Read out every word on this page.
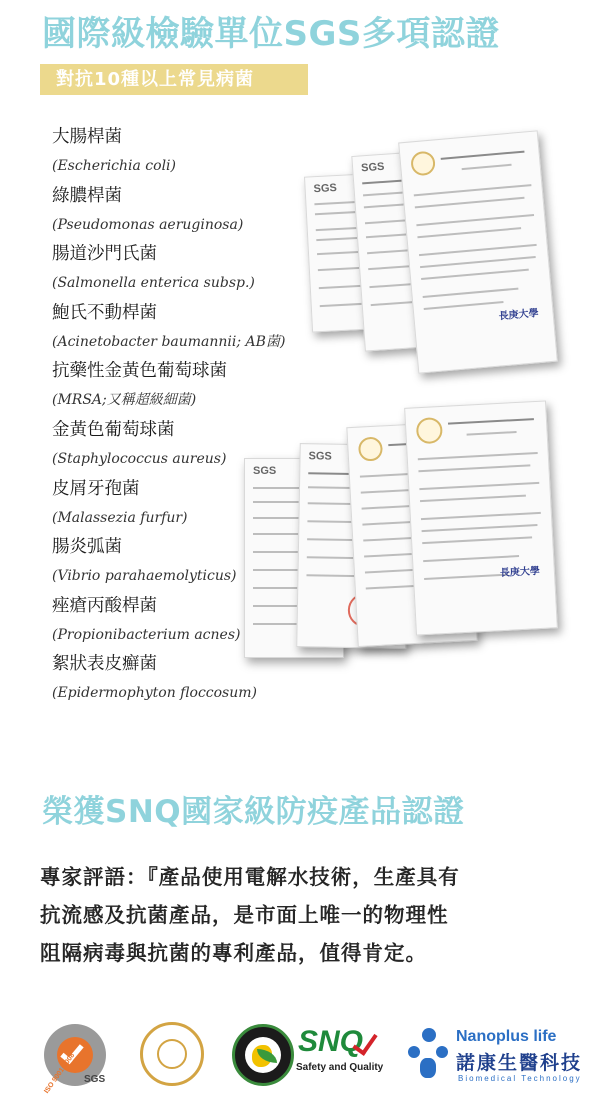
國際級檢驗單位SGS多項認證
對抗10種以上常見病菌
大腸桿菌
(Escherichia coli)
綠膿桿菌
(Pseudomonas aeruginosa)
腸道沙門氏菌
(Salmonella enterica subsp.)
鮑氏不動桿菌
(Acinetobacter baumannii; AB菌)
抗藥性金黃色葡萄球菌
(MRSA;又稱超級細菌)
金黃色葡萄球菌
(Staphylococcus aureus)
皮屑牙孢菌
(Malassezia furfur)
腸炎弧菌
(Vibrio parahaemolyticus)
痤瘡丙酸桿菌
(Propionibacterium acnes)
絮狀表皮癬菌
(Epidermophyton floccosum)
SGS
SGS
長庚大學
SGS
SGS
長庚大學
榮獲SNQ國家級防疫產品認證
專家評語：『產品使用電解水技術，生產具有
抗流感及抗菌產品，是市面上唯一的物理性
阻隔病毒與抗菌的專利產品，值得肯定。
ISO 9001:2008 SGS
SNQ
Safety and Quality
Nanoplus life
諾康生醫科技
Biomedical Technology
